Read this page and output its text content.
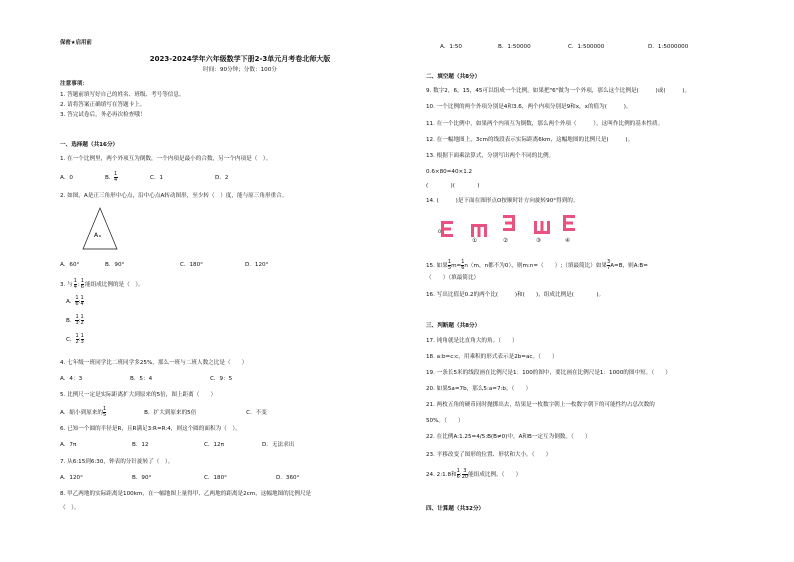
保密★启用前
2023-2024学年六年级数学下册2-3单元月考卷北师大版
时间：90分钟；分数：100分
注意事项：
1. 答题前填写好自己的姓名、班级、考号等信息。
2. 请将答案正确填写在答题卡上。
3. 答完试卷后，务必再次检查哦！
一、选择题（共16分）
1. 在一个比例里，两个外项互为倒数，一个内项是最小的合数，另一个内项是（　）。
A．0	B． $\frac{1}{4}$ C．1	D．2
2. 如图，A是正三角形中心点，沿中心点A转动图形，至少转（　）度，能与原三角形重合。
A
A．60°	B．90°	C．180°	D．120°
3. 与 $\frac{1}{4}$ : $\frac{1}{6}$ 能组成比例的是（　）。
A． $\frac{1}{6}$ : $\frac{1}{4}$
B． $\frac{1}{3}$ : $\frac{1}{2}$
C． $\frac{1}{2}$ : $\frac{1}{3}$
4. 七年级一班同学比二班同学多25%，那么一班与二班人数之比是（　　）
A．4：3	B．5：4	C．9：5
5. 比例尺一定是实际距离扩大到原来的5倍，图上距离（　　）
A．缩小到原来的 $\frac{1}{5}$	B．扩大到原来的5倍	C．不变
6. 已知一个圆的半径是R，且R满足3:R=R:4，则这个圆的面积为（　）。
A．7π	B．12	C．12π	D．无法求出
7. 从6:15到6:30，钟表的分针旋转了（　）。
A．120°	B．90°	C．180°	D．360°
8. 甲乙两地的实际距离是100km，在一幅地图上量得甲、乙两地的距离是2cm，这幅地图的比例尺是
（　）。
A．1:50	B．1:50000	C．1:500000	D．1:5000000
二、填空题（共8分）
9. 数字2，6，15，45可以组成一个比例。如果把"6"做为一个外项，那么这个比例是(　　　)或(　　　)。
10. 一个比例的两个外项分别是4和3.6，两个内项分别是9和x，x的值为(　　　)。
11. 在一个比例中，如果两个内项互为倒数，那么两个外项（　　　），这叫作比例的基本性质。
12. 在一幅地图上，3cm的线段表示实际距离6km，这幅地图的比例尺是(　　　)。
13. 根据下面乘法算式，分别写出两个不同的比例。
0.6×80=40×1.2
(　　　　)(　　　　)
14. (　　　)是下面在图形点O按顺时针方向旋转90°得到的。
O
①	②	③	④
15. 如果 $\frac{1}{5} m= \frac{1}{6} n(m$，n都不为0），则m:n=（　　）;（填最简比）如果 $\frac{3}{7} A=B$，则A:B=
（　　）（填最简比）
16. 写出比值是0.2的两个比(　　　)和(　　)，组成比例是(　　　　)。
三、判断题（共8分）
17. 钝角就是比直角大的角。（　　）
18. a:b=c:c，用乘积的形式表示是2b=ac。（　　）
19. 一条长5米的线段画在比例尺是1：100的图中，要比画在比例尺是1：1000的图中短。（　　）
20. 如果5a=7b，那么5:a=7:b。（　　）
21. 两枚五角的硬币同时抛掷出去，结果是一枚数字朝上一枚数字朝下的可能性约占总次数的
50%。（　　）
22. 在比例A:1.25=4/5:B(B≠0)中，A和B一定互为倒数。（　　）
23. 平移改变了图形的位置、形状和大小。（　　）
24. 2:1.8和 $\frac{1}{6}$ : $\frac{3}{20}$ 能组成比例。（　　）
四、计算题（共32分）
